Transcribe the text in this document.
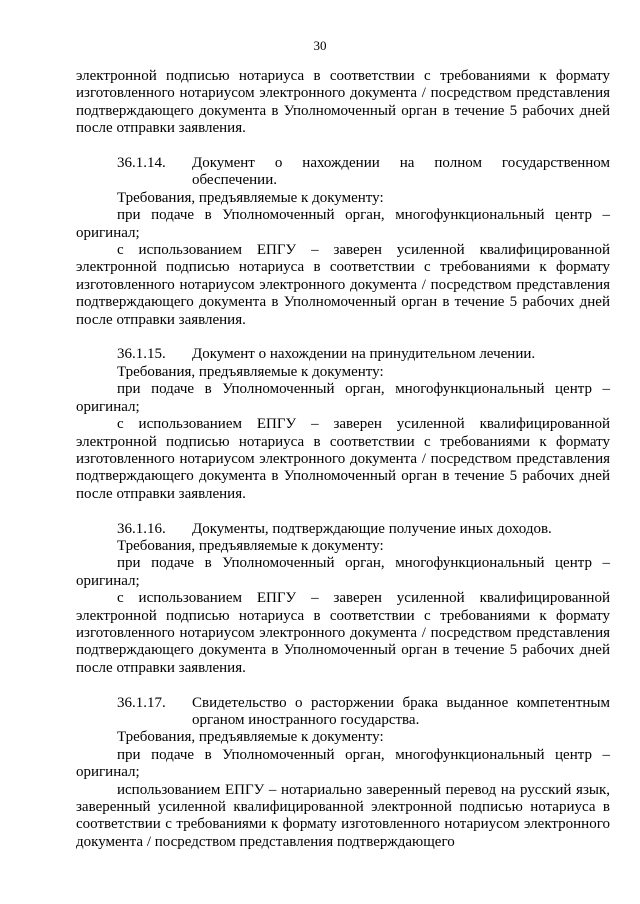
30

электронной подписью нотариуса в соответствии с требованиями к формату изготовленного нотариусом электронного документа / посредством представления подтверждающего документа в Уполномоченный орган в течение 5 рабочих дней после отправки заявления.

36.1.14.	Документ о нахождении на полном государственном обеспечении.

Требования, предъявляемые к документу:

при подаче в Уполномоченный орган, многофункциональный центр – оригинал;

с использованием ЕПГУ – заверен усиленной квалифицированной электронной подписью нотариуса в соответствии с требованиями к формату изготовленного нотариусом электронного документа / посредством представления подтверждающего документа в Уполномоченный орган в течение 5 рабочих дней после отправки заявления.

36.1.15.	Документ о нахождении на принудительном лечении.

Требования, предъявляемые к документу:

при подаче в Уполномоченный орган, многофункциональный центр – оригинал;

с использованием ЕПГУ – заверен усиленной квалифицированной электронной подписью нотариуса в соответствии с требованиями к формату изготовленного нотариусом электронного документа / посредством представления подтверждающего документа в Уполномоченный орган в течение 5 рабочих дней после отправки заявления.

36.1.16.	Документы, подтверждающие получение иных доходов.

Требования, предъявляемые к документу:

при подаче в Уполномоченный орган, многофункциональный центр – оригинал;

с использованием ЕПГУ – заверен усиленной квалифицированной электронной подписью нотариуса в соответствии с требованиями к формату изготовленного нотариусом электронного документа / посредством представления подтверждающего документа в Уполномоченный орган в течение 5 рабочих дней после отправки заявления.

36.1.17.	Свидетельство о расторжении брака выданное компетентным органом иностранного государства.

Требования, предъявляемые к документу:

при подаче в Уполномоченный орган, многофункциональный центр – оригинал;

использованием ЕПГУ – нотариально заверенный перевод на русский язык, заверенный усиленной квалифицированной электронной подписью нотариуса в соответствии с требованиями к формату изготовленного нотариусом электронного документа / посредством представления подтверждающего
